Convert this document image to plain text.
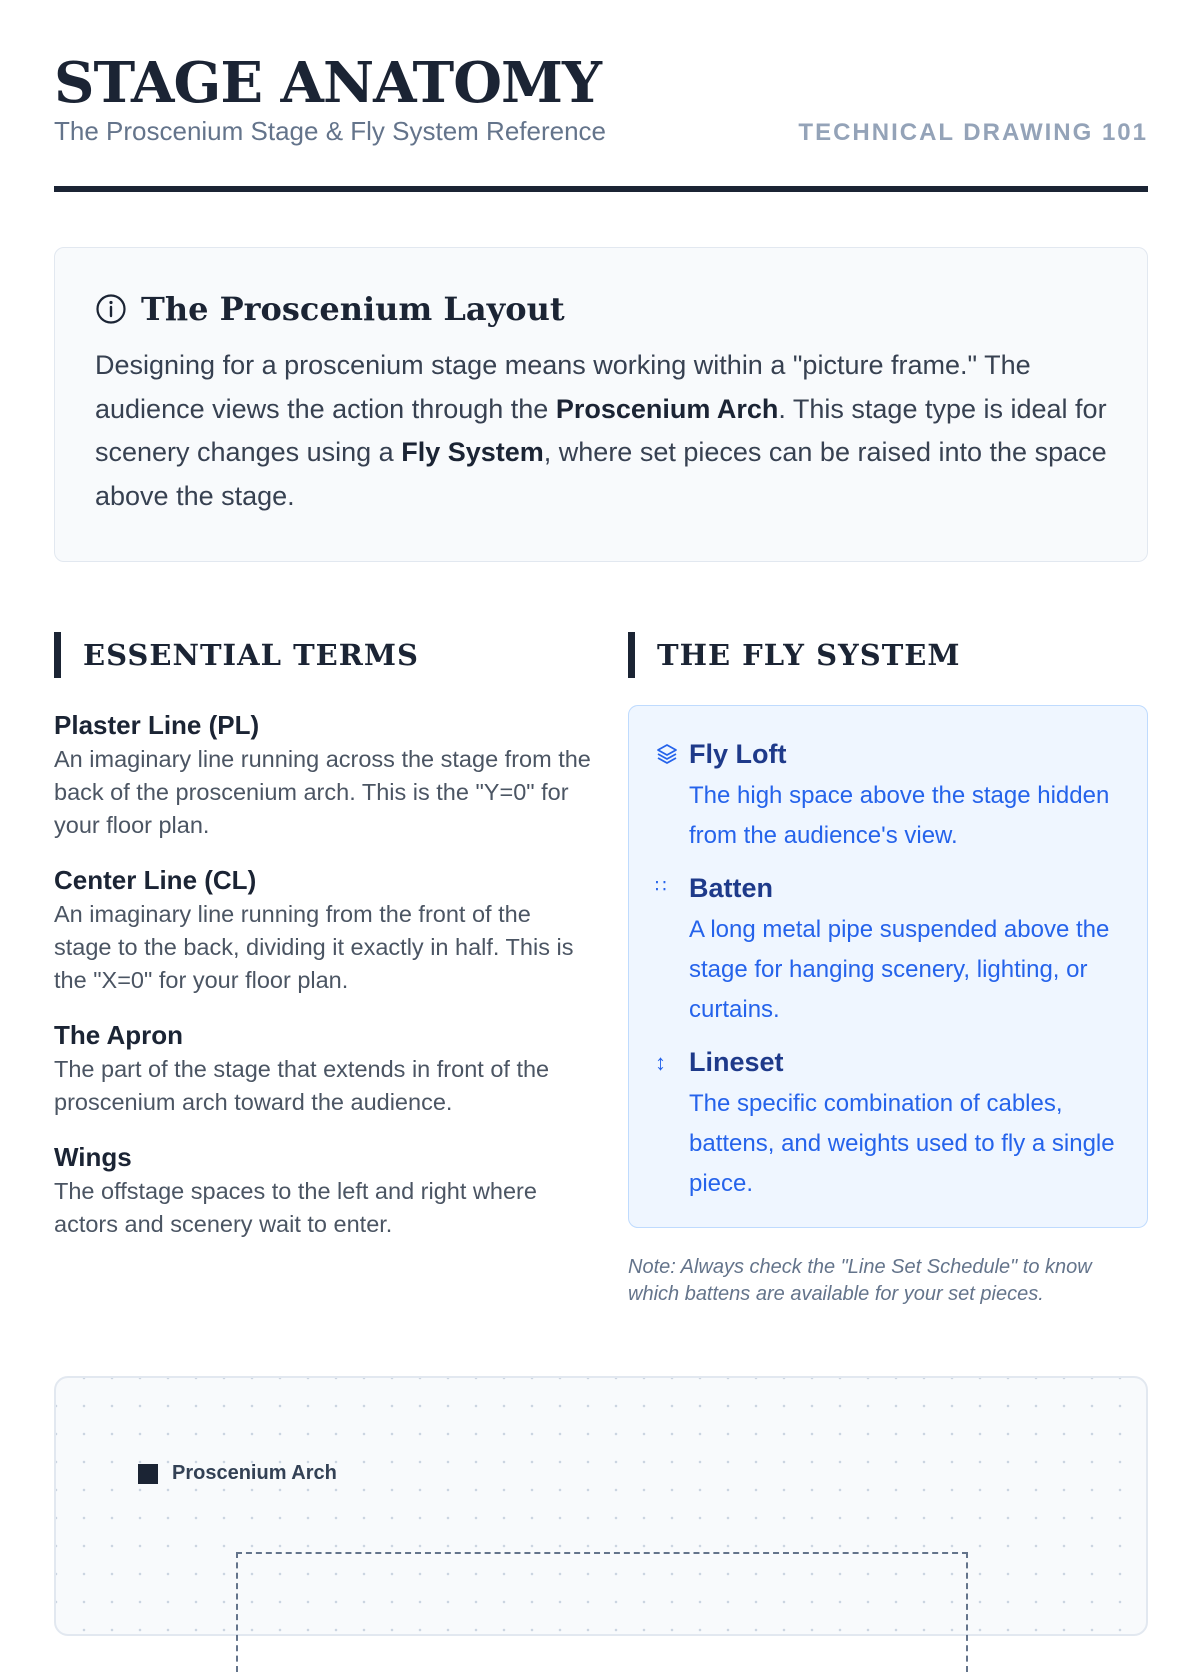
STAGE ANATOMY
The Proscenium Stage & Fly System Reference	TECHNICAL DRAWING 101
The Proscenium Layout
Designing for a proscenium stage means working within a "picture frame." The audience views the action through the Proscenium Arch. This stage type is ideal for scenery changes using a Fly System, where set pieces can be raised into the space above the stage.
ESSENTIAL TERMS	THE FLY SYSTEM
Plaster Line (PL)
An imaginary line running across the stage from the back of the proscenium arch. This is the "Y=0" for your floor plan.
Center Line (CL)
An imaginary line running from the front of the stage to the back, dividing it exactly in half. This is the "X=0" for your floor plan.
The Apron
The part of the stage that extends in front of the proscenium arch toward the audience.
Wings
The offstage spaces to the left and right where actors and scenery wait to enter.
Fly Loft
The high space above the stage hidden from the audience's view.
∷ Batten
A long metal pipe suspended above the stage for hanging scenery, lighting, or curtains.
↕ Lineset
The specific combination of cables, battens, and weights used to fly a single piece.
Note: Always check the "Line Set Schedule" to know which battens are available for your set pieces.
Proscenium Arch
